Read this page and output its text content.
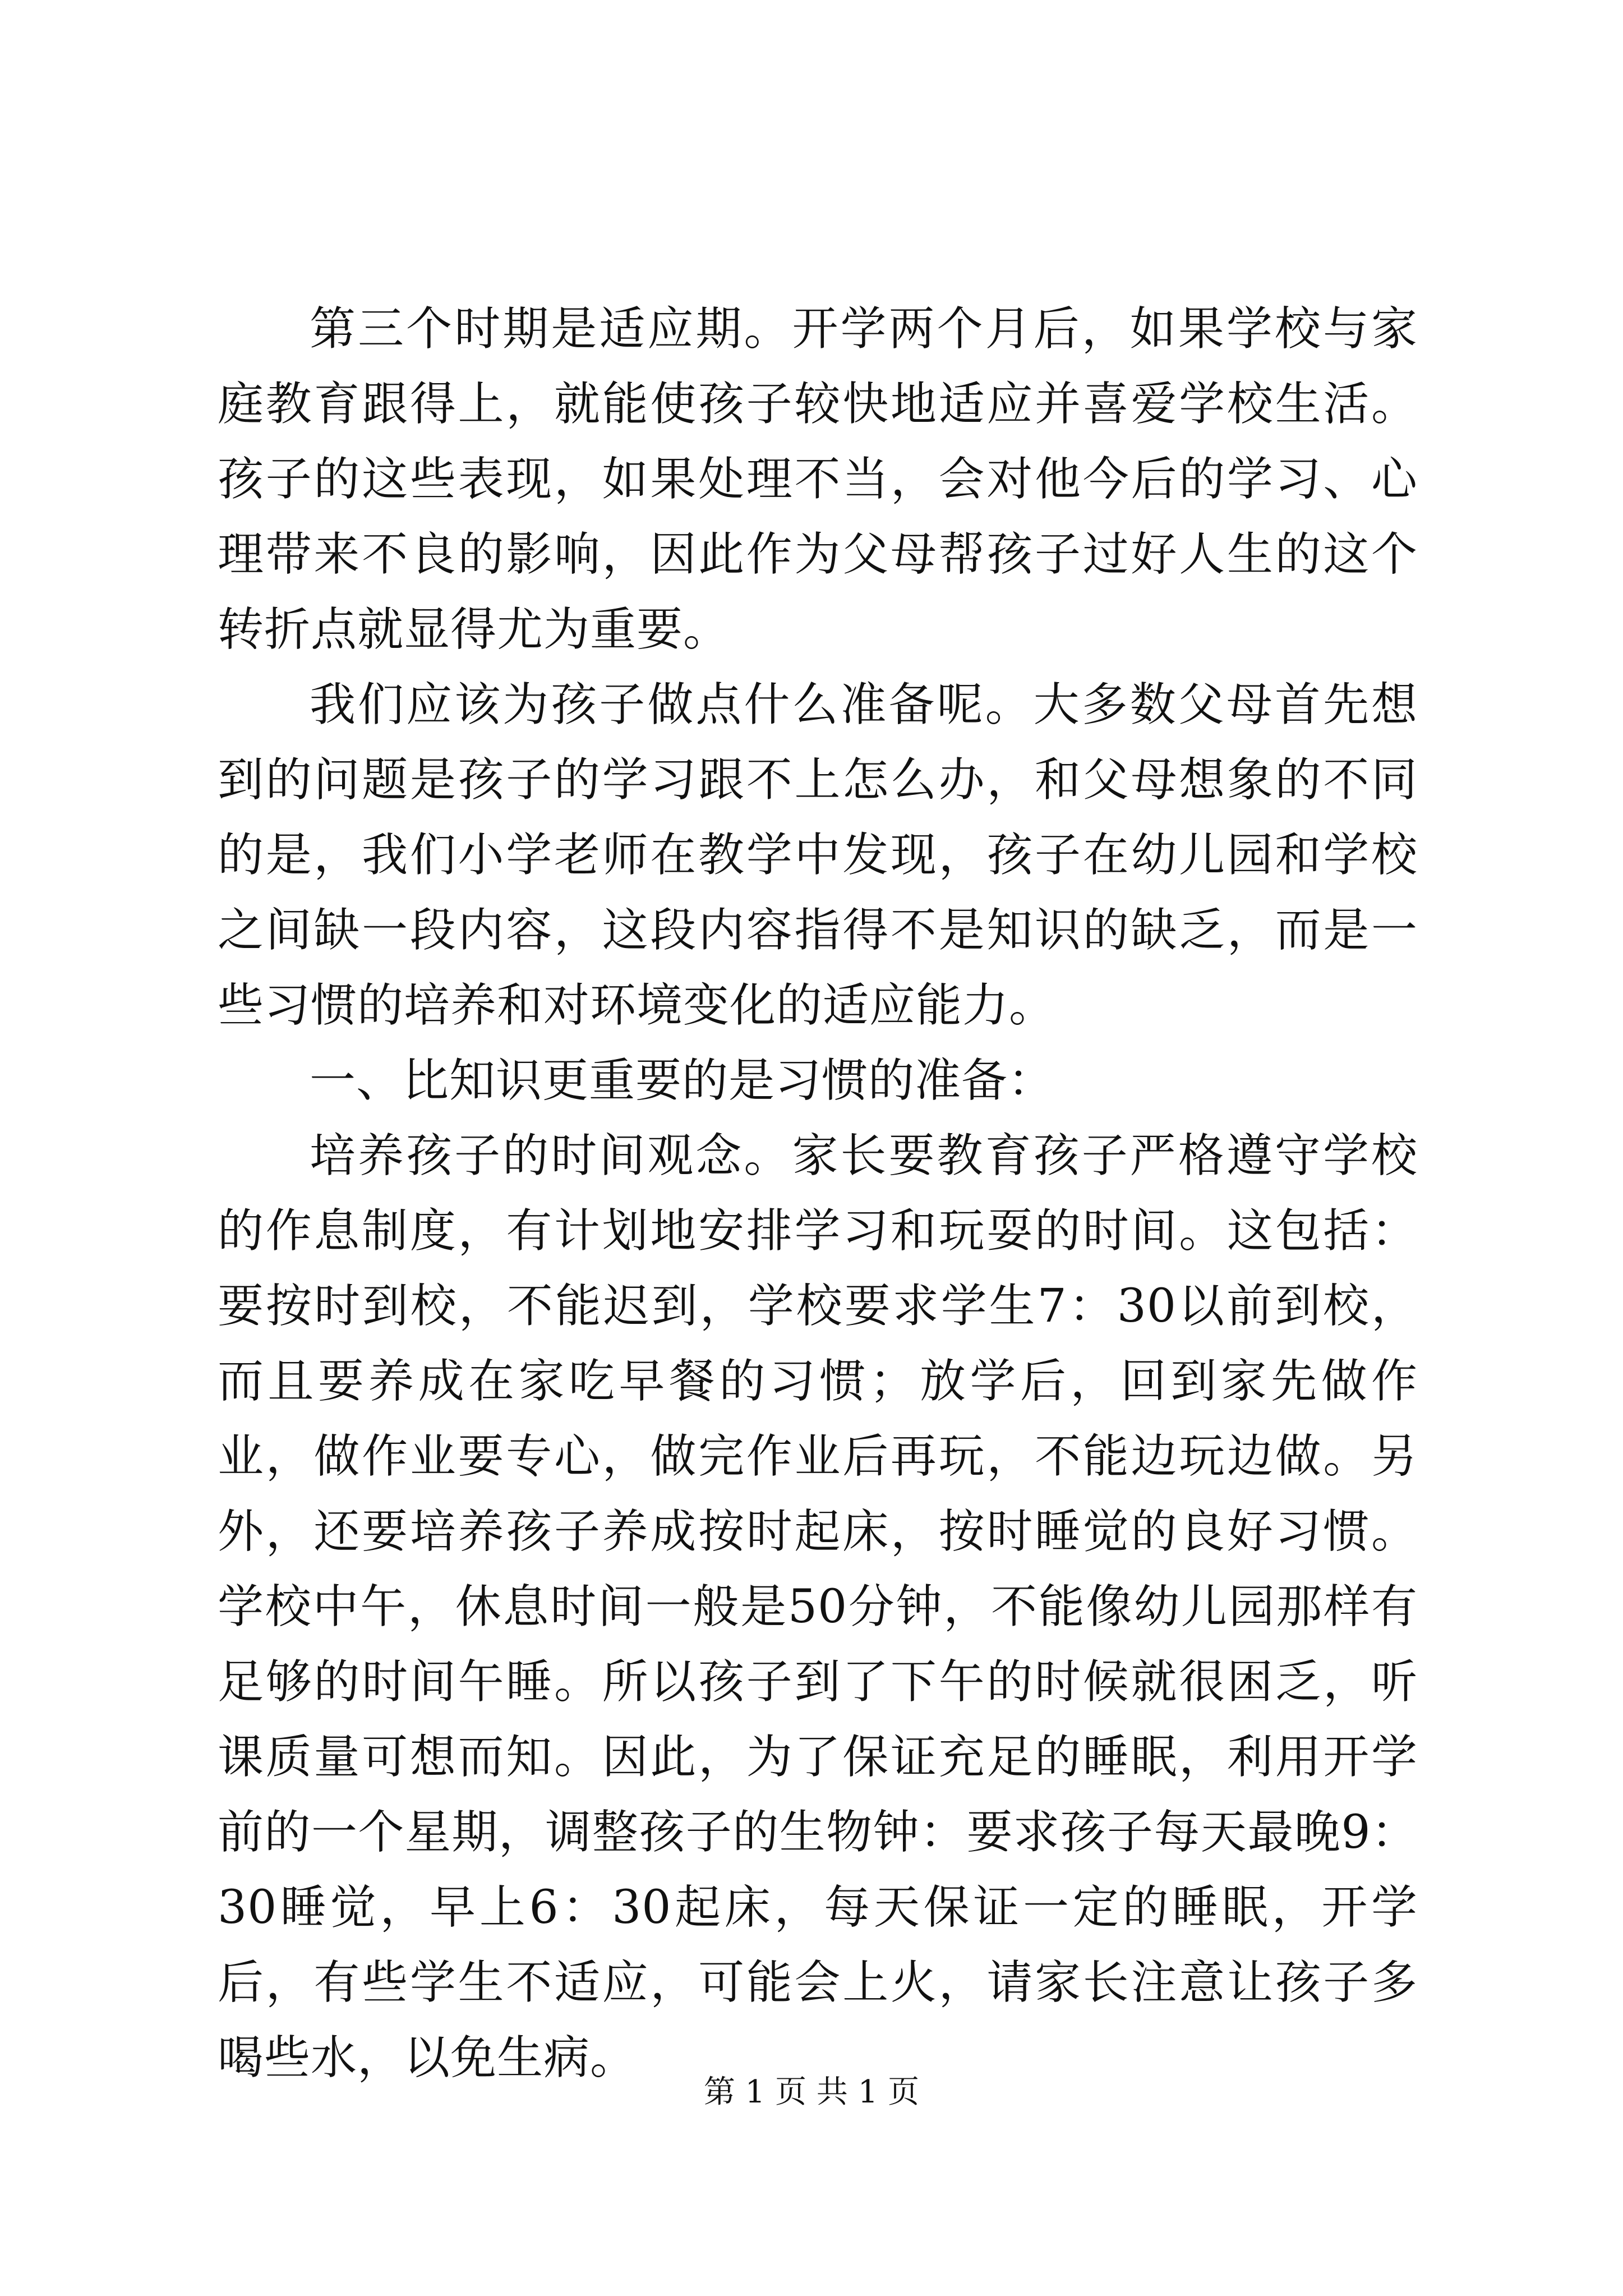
第三个时期是适应期。开学两个月后，如果学校与家庭教育跟得上，就能使孩子较快地适应并喜爱学校生活。孩子的这些表现，如果处理不当，会对他今后的学习、心理带来不良的影响，因此作为父母帮孩子过好人生的这个转折点就显得尤为重要。

我们应该为孩子做点什么准备呢。大多数父母首先想到的问题是孩子的学习跟不上怎么办，和父母想象的不同的是，我们小学老师在教学中发现，孩子在幼儿园和学校之间缺一段内容，这段内容指得不是知识的缺乏，而是一些习惯的培养和对环境变化的适应能力。

一、比知识更重要的是习惯的准备：

培养孩子的时间观念。家长要教育孩子严格遵守学校的作息制度，有计划地安排学习和玩耍的时间。这包括：要按时到校，不能迟到，学校要求学生7：30以前到校，而且要养成在家吃早餐的习惯；放学后，回到家先做作业，做作业要专心，做完作业后再玩，不能边玩边做。另外，还要培养孩子养成按时起床，按时睡觉的良好习惯。学校中午，休息时间一般是50分钟，不能像幼儿园那样有足够的时间午睡。所以孩子到了下午的时候就很困乏，听课质量可想而知。因此，为了保证充足的睡眠，利用开学前的一个星期，调整孩子的生物钟：要求孩子每天最晚9：30睡觉，早上6：30起床，每天保证一定的睡眠，开学后，有些学生不适应，可能会上火，请家长注意让孩子多喝些水，以免生病。

第 1 页 共 1 页
